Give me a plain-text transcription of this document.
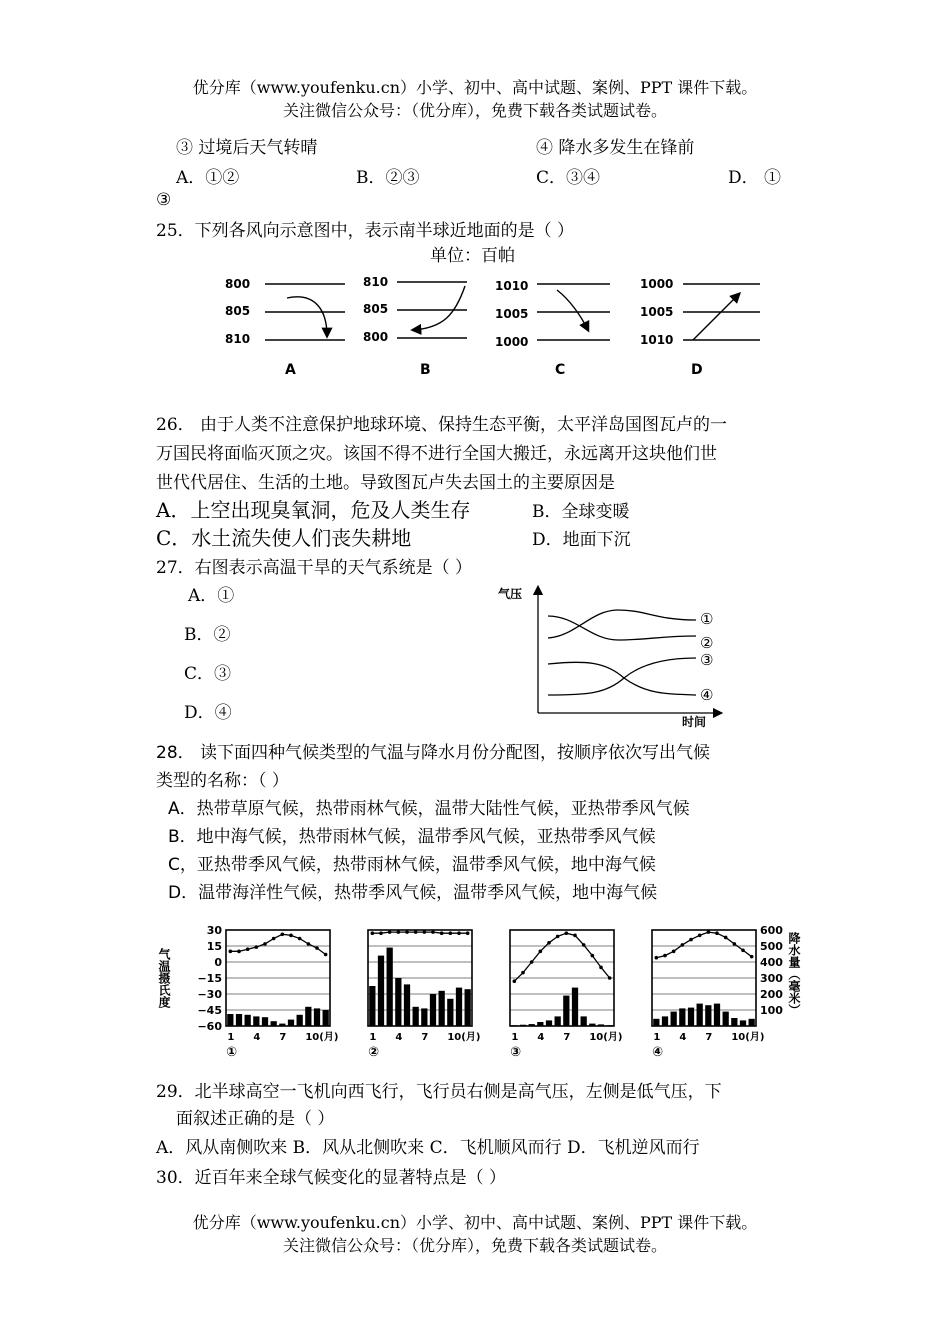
优分库（www.youfenku.cn）小学、初中、高中试题、案例、PPT 课件下载。
关注微信公众号：（优分库），免费下载各类试题试卷。
③ 过境后天气转晴	④ 降水多发生在锋前
A．①②	B．②③	C．③④	D． ①
③
25．下列各风向示意图中，表示南半球近地面的是（ ）
单位：百帕
800
805
810
A
810
805
800
B
1010
1005
1000
C
1000
1005
1010
D
26． 由于人类不注意保护地球环境、保持生态平衡，太平洋岛国图瓦卢的一
万国民将面临灭顶之灾。该国不得不进行全国大搬迁，永远离开这块他们世
世代代居住、生活的土地。导致图瓦卢失去国土的主要原因是
A．上空出现臭氧洞，危及人类生存	B．全球变暖
C．水土流失使人们丧失耕地	D．地面下沉
27．右图表示高温干旱的天气系统是（ ）
A．①
B．②
C．③
D．④
气压
时间
①
②
③
④
28． 读下面四种气候类型的气温与降水月份分配图，按顺序依次写出气候
类型的名称：（ ）
A．热带草原气候，热带雨林气候，温带大陆性气候，亚热带季风气候
B．地中海气候，热带雨林气候，温带季风气候，亚热带季风气候
C，亚热带季风气候，热带雨林气候，温带季风气候，地中海气候
D．温带海洋性气候，热带季风气候，温带季风气候，地中海气候
气温摄氏度	降水量（毫米）
30
15
0
−15
−30
−45
−60
600
500
400
300
200
100
1 4 7 10(月)
①
1 4 7 10(月)
②
1 4 7 10(月)
③
1 4 7 10(月)
④
29．北半球高空一飞机向西飞行，飞行员右侧是高气压，左侧是低气压，下
面叙述正确的是（ ）
A．风从南侧吹来 B．风从北侧吹来 C．飞机顺风而行 D．飞机逆风而行
30．近百年来全球气候变化的显著特点是（ ）
优分库（www.youfenku.cn）小学、初中、高中试题、案例、PPT 课件下载。
关注微信公众号：（优分库），免费下载各类试题试卷。
